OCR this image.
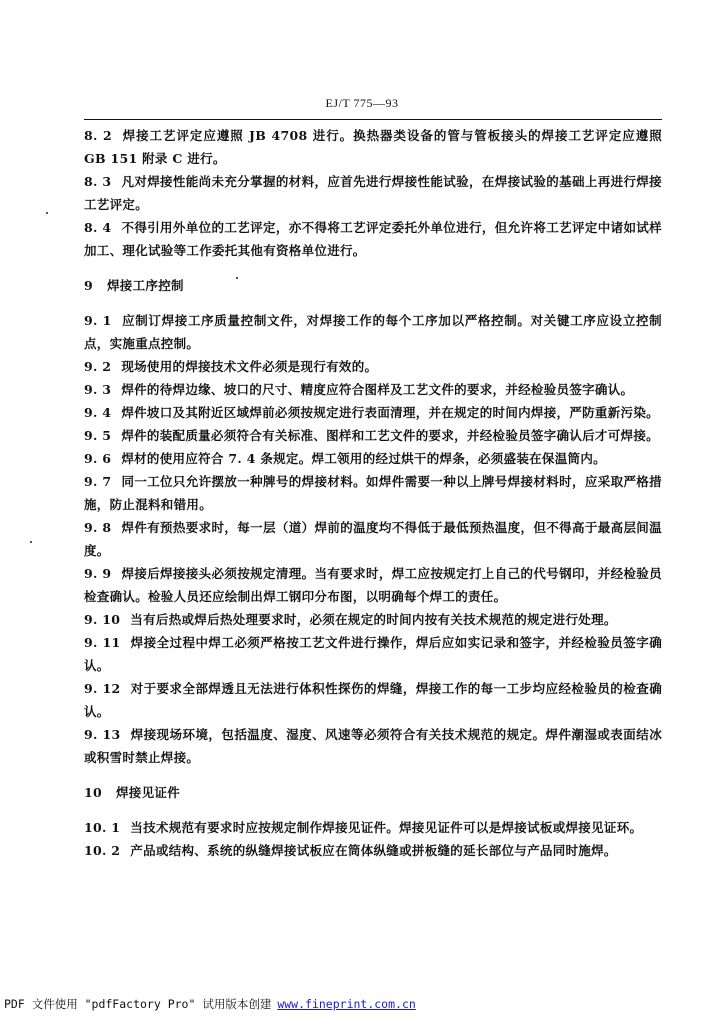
EJ/T 775—93

8. 2 焊接工艺评定应遵照 JB 4708 进行。换热器类设备的管与管板接头的焊接工艺评定应遵照 GB 151 附录 C 进行。

8. 3 凡对焊接性能尚未充分掌握的材料，应首先进行焊接性能试验，在焊接试验的基础上再进行焊接工艺评定。

8. 4 不得引用外单位的工艺评定，亦不得将工艺评定委托外单位进行，但允许将工艺评定中诸如试样加工、理化试验等工作委托其他有资格单位进行。

9 焊接工序控制

9. 1 应制订焊接工序质量控制文件，对焊接工作的每个工序加以严格控制。对关键工序应设立控制点，实施重点控制。

9. 2 现场使用的焊接技术文件必须是现行有效的。

9. 3 焊件的待焊边缘、坡口的尺寸、精度应符合图样及工艺文件的要求，并经检验员签字确认。

9. 4 焊件坡口及其附近区域焊前必须按规定进行表面清理，并在规定的时间内焊接，严防重新污染。

9. 5 焊件的装配质量必须符合有关标准、图样和工艺文件的要求，并经检验员签字确认后才可焊接。

9. 6 焊材的使用应符合 7. 4 条规定。焊工领用的经过烘干的焊条，必须盛装在保温筒内。

9. 7 同一工位只允许摆放一种牌号的焊接材料。如焊件需要一种以上牌号焊接材料时，应采取严格措施，防止混料和错用。

9. 8 焊件有预热要求时，每一层（道）焊前的温度均不得低于最低预热温度，但不得高于最高层间温度。

9. 9 焊接后焊接接头必须按规定清理。当有要求时，焊工应按规定打上自己的代号钢印，并经检验员检查确认。检验人员还应绘制出焊工钢印分布图，以明确每个焊工的责任。

9. 10 当有后热或焊后热处理要求时，必须在规定的时间内按有关技术规范的规定进行处理。

9. 11 焊接全过程中焊工必须严格按工艺文件进行操作，焊后应如实记录和签字，并经检验员签字确认。

9. 12 对于要求全部焊透且无法进行体积性探伤的焊缝，焊接工作的每一工步均应经检验员的检查确认。

9. 13 焊接现场环境，包括温度、湿度、风速等必须符合有关技术规范的规定。焊件潮湿或表面结冰或积雪时禁止焊接。

10 焊接见证件

10. 1 当技术规范有要求时应按规定制作焊接见证件。焊接见证件可以是焊接试板或焊接见证环。

10. 2 产品或结构、系统的纵缝焊接试板应在筒体纵缝或拼板缝的延长部位与产品同时施焊。

PDF 文件使用 "pdfFactory Pro" 试用版本创建 www.fineprint.com.cn
